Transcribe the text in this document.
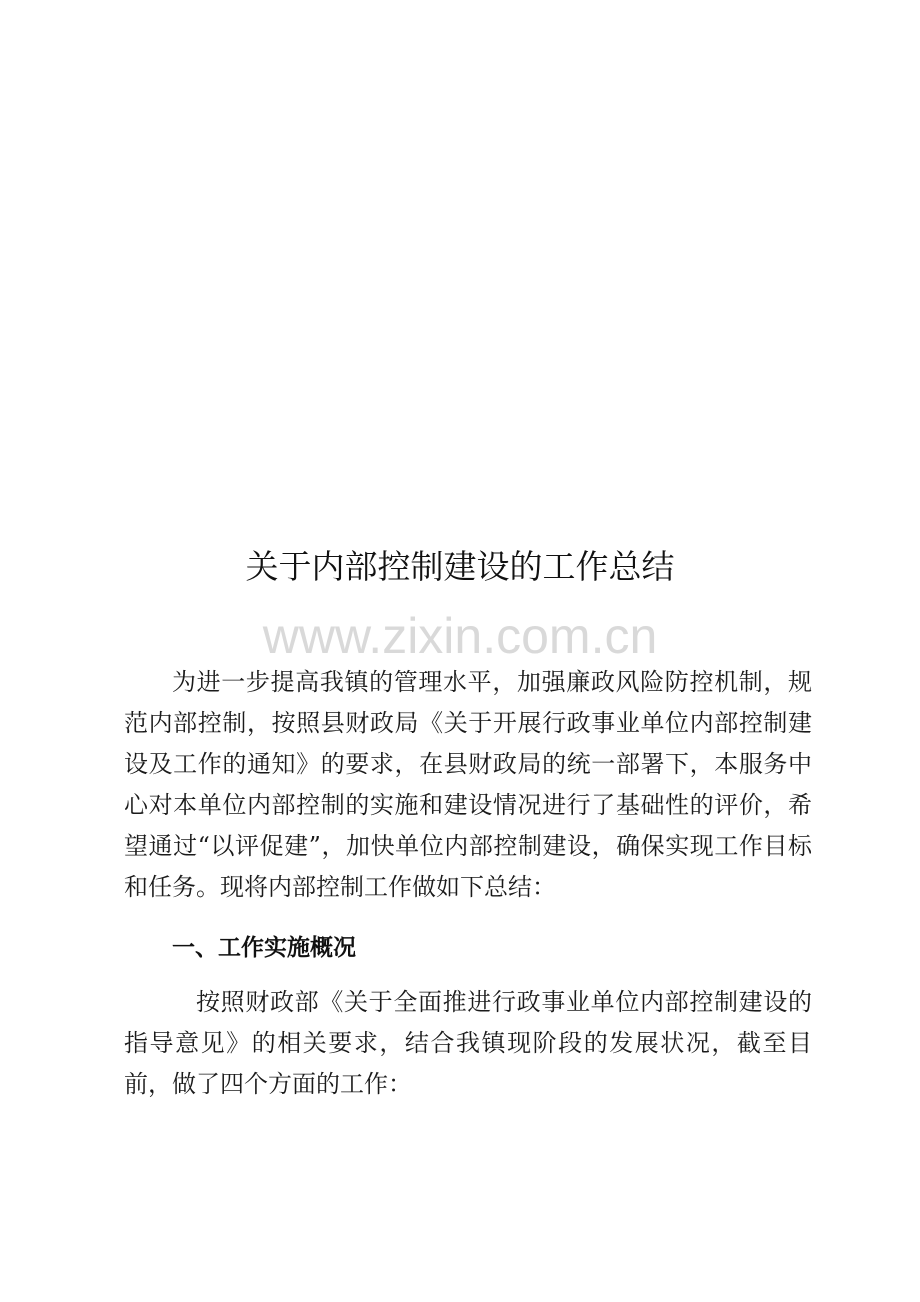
关于内部控制建设的工作总结
www.zixin.com.cn

为进一步提高我镇的管理水平，加强廉政风险防控机制，规范内部控制，按照县财政局《关于开展行政事业单位内部控制建设及工作的通知》的要求，在县财政局的统一部署下，本服务中心对本单位内部控制的实施和建设情况进行了基础性的评价，希望通过“以评促建”，加快单位内部控制建设，确保实现工作目标和任务。现将内部控制工作做如下总结：

一、工作实施概况

按照财政部《关于全面推进行政事业单位内部控制建设的指导意见》的相关要求，结合我镇现阶段的发展状况，截至目前，做了四个方面的工作：
